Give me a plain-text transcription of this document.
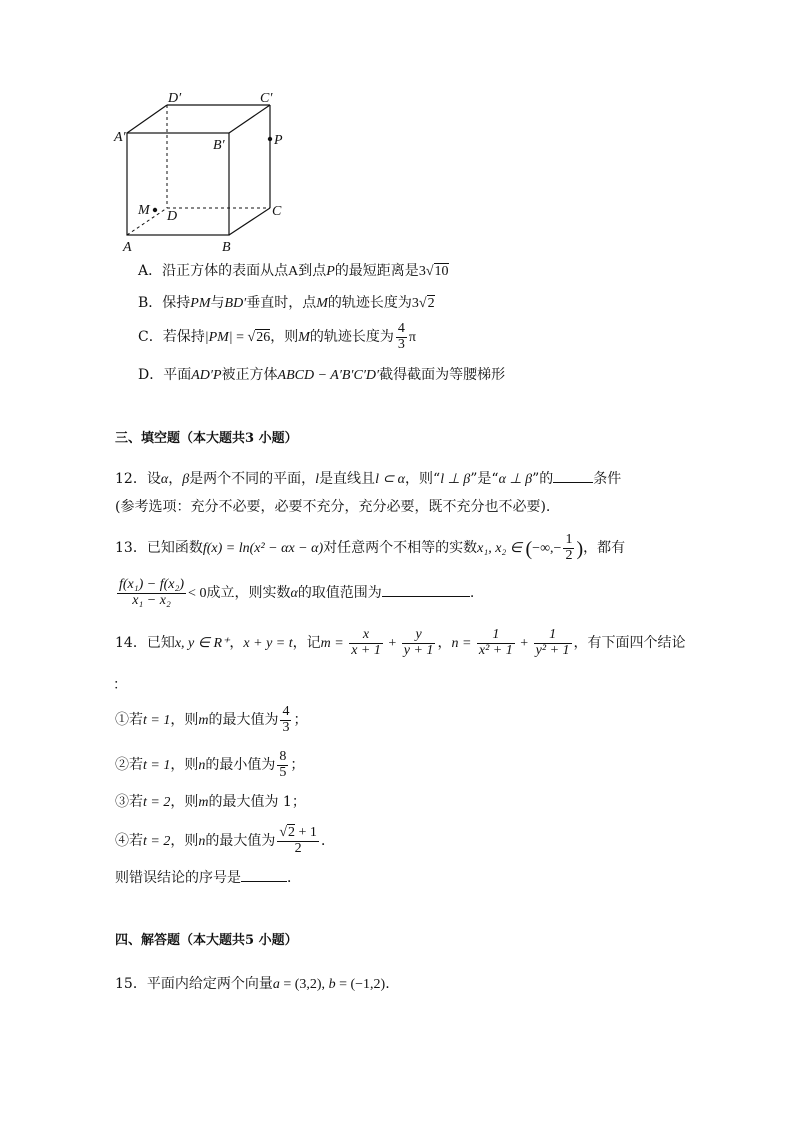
D′	C′
A′
B′	P
M D	C
A	B
A．沿正方体的表面从点A到点P的最短距离是3√10
B．保持PM与BD′垂直时，点M的轨迹长度为3√2
C．若保持|PM| = √26，则M的轨迹长度为 $\frac{4}{3}$ π
D．平面AD′P被正方体ABCD − A′B′C′D′截得截面为等腰梯形
三、填空题（本大题共3 小题）
12．设α，β是两个不同的平面，l是直线且l ⊂ α，则“l ⊥ β”是“α ⊥ β”的	条件
(参考选项：充分不必要，必要不充分，充分必要，既不充分也不必要).
13．已知函数f(x) = ln(x² − αx − α)对任意两个不相等的实数x₁, x₂ ∈ (−∞,− $\frac{1}{2}$ )，都有
$\frac{\text{f(x₁) − f(x₂)}}{\text{x₁ − x₂}} < 0$成立，则实数α的取值范围为	.
14．已知x, y ∈ R⁺，x + y = t，记$m = \frac{x}{x + 1} + \frac{y}{y + 1}$ ，$n = \frac{1}{\text{x² + 1}} + \frac{1}{\text{y² + 1}}$ ，有下面四个结论
：
①若t = 1，则m的最大值为 $\frac{4}{3}$ ；
②若t = 1，则n的最小值为 $\frac{8}{5}$ ；
③若t = 2，则m的最大值为 1；
④若t = 2，则n的最大值为 $\frac{√2 + 1}{2}$ ．
则错误结论的序号是	．
四、解答题（本大题共5 小题）
15．平面内给定两个向量a = (3,2), b = (−1,2).
